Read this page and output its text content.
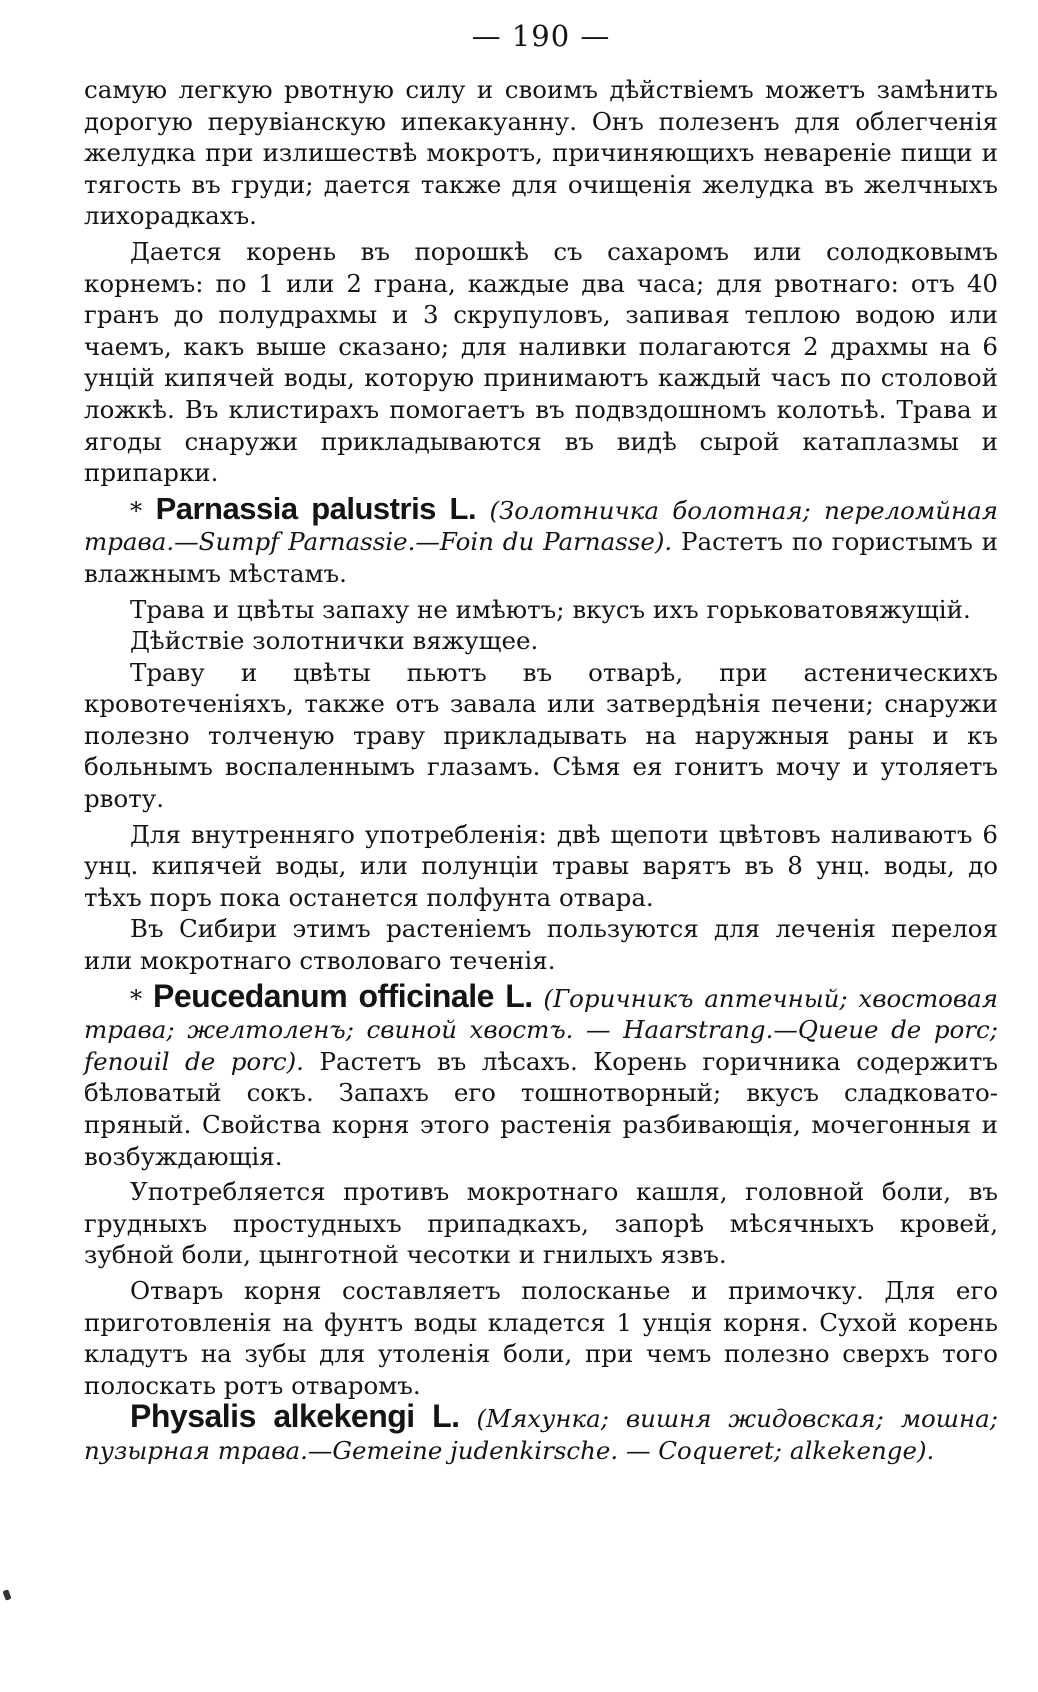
— 190 —

самую легкую рвотную силу и своимъ дѣйствіемъ можетъ замѣнить дорогую перувіанскую ипекакуанну. Онъ полезенъ для облегченія желудка при излишествѣ мокротъ, причиняющихъ невареніе пищи и тягость въ груди; дается также для очищенія желудка въ желчныхъ лихорадкахъ.

Дается корень въ порошкѣ съ сахаромъ или солодковымъ корнемъ: по 1 или 2 грана, каждые два часа; для рвотнаго: отъ 40 гранъ до полудрахмы и 3 скрупуловъ, запивая теплою водою или чаемъ, какъ выше сказано; для наливки полагаются 2 драхмы на 6 унцій кипячей воды, которую принимаютъ каждый часъ по столовой ложкѣ. Въ клистирахъ помогаетъ въ подвздошномъ колотьѣ. Трава и ягоды снаружи прикладываются въ видѣ сырой катаплазмы и припарки.

* Parnassia palustris L. (Золотничка болотная; переломйная трава.—Sumpf Parnassie.—Foin du Parnasse). Растетъ по гористымъ и влажнымъ мѣстамъ.

Трава и цвѣты запаху не имѣютъ; вкусъ ихъ горьковатовяжущій.

Дѣйствіе золотнички вяжущее.

Траву и цвѣты пьютъ въ отварѣ, при астеническихъ кровотеченіяхъ, также отъ завала или затвердѣнія печени; снаружи полезно толченую траву прикладывать на наружныя раны и къ больнымъ воспаленнымъ глазамъ. Сѣмя ея гонитъ мочу и утоляетъ рвоту.

Для внутренняго употребленія: двѣ щепоти цвѣтовъ наливаютъ 6 унц. кипячей воды, или полунціи травы варятъ въ 8 унц. воды, до тѣхъ поръ пока останется полфунта отвара.

Въ Сибири этимъ растеніемъ пользуются для леченія перелоя или мокротнаго стволоваго теченія.

* Peucedanum officinale L. (Горичникъ аптечный; хвостовая трава; желтоленъ; свиной хвостъ. — Haarstrang.—Queue de porc; fenouil de porc). Растетъ въ лѣсахъ. Корень горичника содержитъ бѣловатый сокъ. Запахъ его тошнотворный; вкусъ сладковато-пряный. Свойства корня этого растенія разбивающія, мочегонныя и возбуждающія.

Употребляется противъ мокротнаго кашля, головной боли, въ грудныхъ простудныхъ припадкахъ, запорѣ мѣсячныхъ кровей, зубной боли, цынготной чесотки и гнилыхъ язвъ.

Отваръ корня составляетъ полосканье и примочку. Для его приготовленія на фунтъ воды кладется 1 унція корня. Сухой корень кладутъ на зубы для утоленія боли, при чемъ полезно сверхъ того полоскать ротъ отваромъ.

Physalis alkekengi L. (Мяхунка; вишня жидовская; мошна; пузырная трава.—Gemeine judenkirsche. — Coqueret; alkekenge).
